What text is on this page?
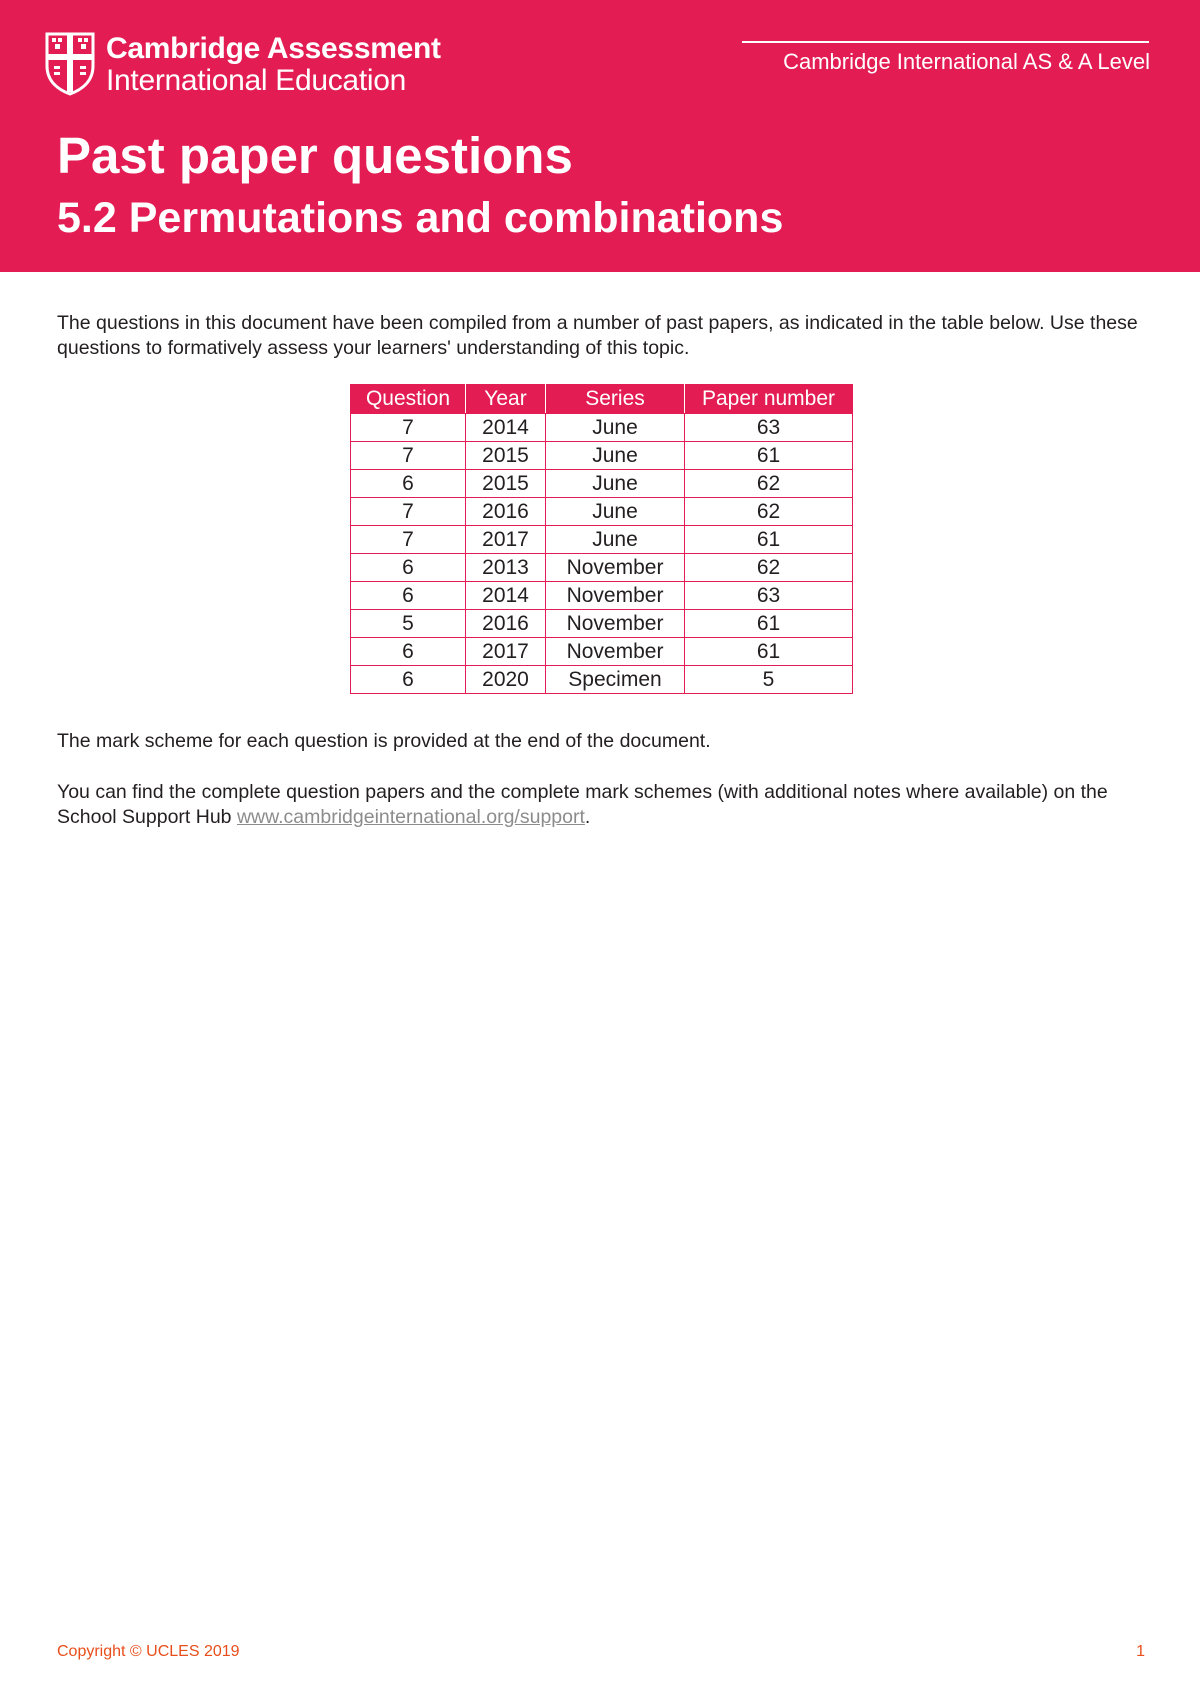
Cambridge Assessment
International Education
Cambridge International AS & A Level
Past paper questions
5.2 Permutations and combinations

The questions in this document have been compiled from a number of past papers, as indicated in the table below. Use these questions to formatively assess your learners' understanding of this topic.

Question	Year	Series	Paper number
7	2014	June	63
7	2015	June	61
6	2015	June	62
7	2016	June	62
7	2017	June	61
6	2013	November	62
6	2014	November	63
5	2016	November	61
6	2017	November	61
6	2020	Specimen	5

The mark scheme for each question is provided at the end of the document.

You can find the complete question papers and the complete mark schemes (with additional notes where available) on the School Support Hub www.cambridgeinternational.org/support.

Copyright © UCLES 2019	1
